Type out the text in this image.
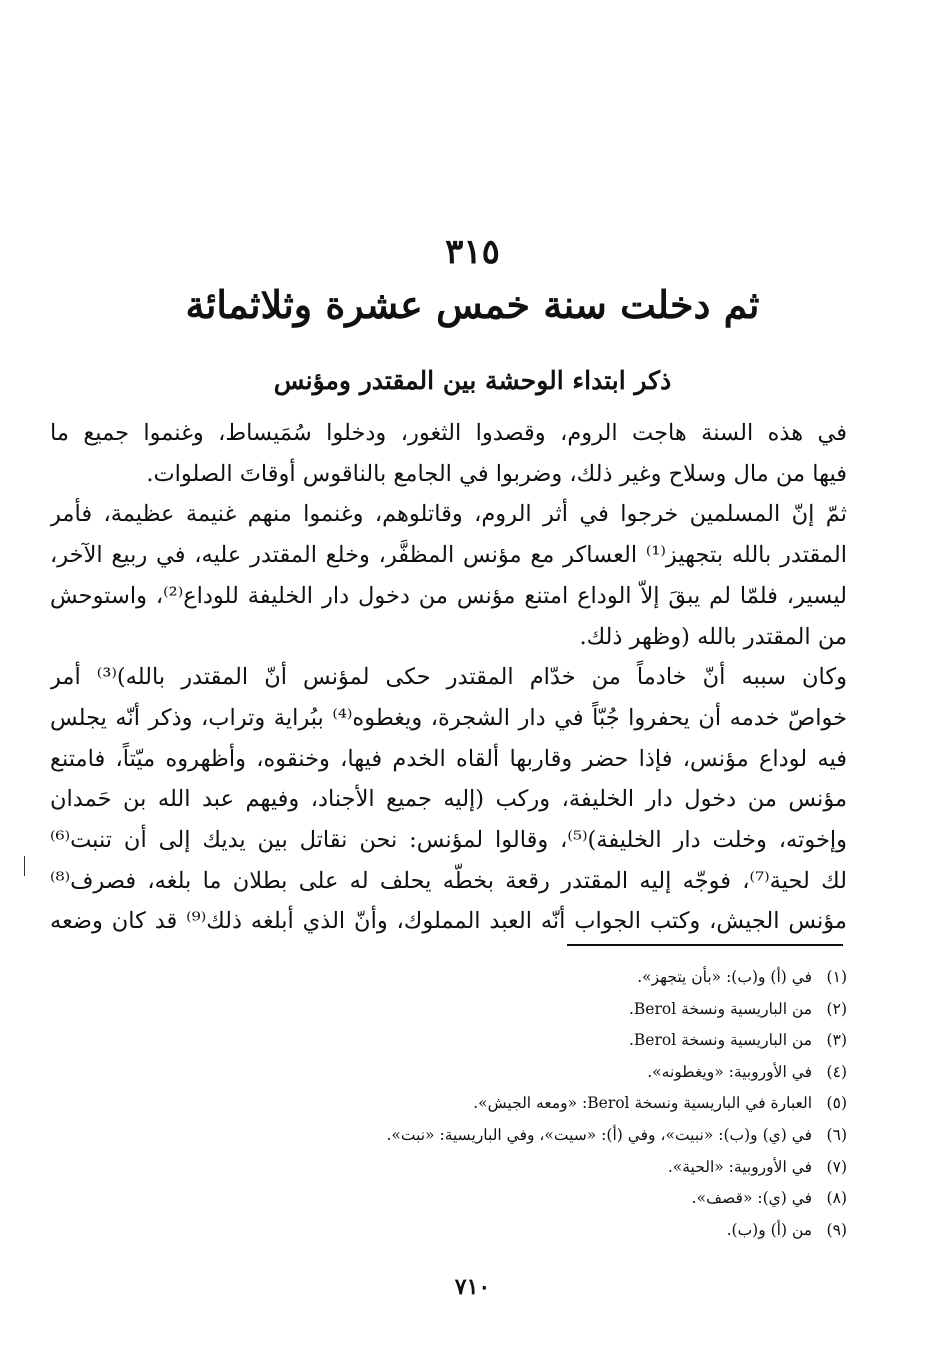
٣١٥
ثم دخلت سنة خمس عشرة وثلاثمائة
ذكر ابتداء الوحشة بين المقتدر ومؤنس
في هذه السنة هاجت الروم، وقصدوا الثغور، ودخلوا سُمَيساط، وغنموا جميع ما
فيها من مال وسلاح وغير ذلك، وضربوا في الجامع بالناقوس أوقاتَ الصلوات.
ثمّ إنّ المسلمين خرجوا في أثر الروم، وقاتلوهم، وغنموا منهم غنيمة عظيمة، فأمر
المقتدر بالله بتجهيز⁽¹⁾ العساكر مع مؤنس المظفَّر، وخلع المقتدر عليه، في ربيع الآخر،
ليسير، فلمّا لم يبقَ إلاّ الوداع امتنع مؤنس من دخول دار الخليفة للوداع⁽²⁾، واستوحش
من المقتدر بالله (وظهر ذلك.
وكان سببه أنّ خادماً من خدّام المقتدر حكى لمؤنس أنّ المقتدر بالله)⁽³⁾ أمر
خواصّ خدمه أن يحفروا جُبّاً في دار الشجرة، ويغطوه⁽⁴⁾ ببُراية وتراب، وذكر أنّه يجلس
فيه لوداع مؤنس، فإذا حضر وقاربها ألقاه الخدم فيها، وخنقوه، وأظهروه ميّتاً، فامتنع
مؤنس من دخول دار الخليفة، وركب (إليه جميع الأجناد، وفيهم عبد الله بن حَمدان
وإخوته، وخلت دار الخليفة)⁽⁵⁾، وقالوا لمؤنس: نحن نقاتل بين يديك إلى أن تنبت⁽⁶⁾
لك لحية⁽⁷⁾، فوجّه إليه المقتدر رقعة بخطّه يحلف له على بطلان ما بلغه، فصرف⁽⁸⁾
مؤنس الجيش، وكتب الجواب أنّه العبد المملوك، وأنّ الذي أبلغه ذلك⁽⁹⁾ قد كان وضعه
(١) في (أ) و(ب): «بأن يتجهز».
(٢) من الباريسية ونسخة Berol.
(٣) من الباريسية ونسخة Berol.
(٤) في الأوروبية: «ويغطونه».
(٥) العبارة في الباريسية ونسخة Berol: «ومعه الجيش».
(٦) في (ي) و(ب): «نبيت»، وفي (أ): «سيت»، وفي الباريسية: «نبت».
(٧) في الأوروبية: «الحية».
(٨) في (ي): «قصف».
(٩) من (أ) و(ب).
٧١٠
